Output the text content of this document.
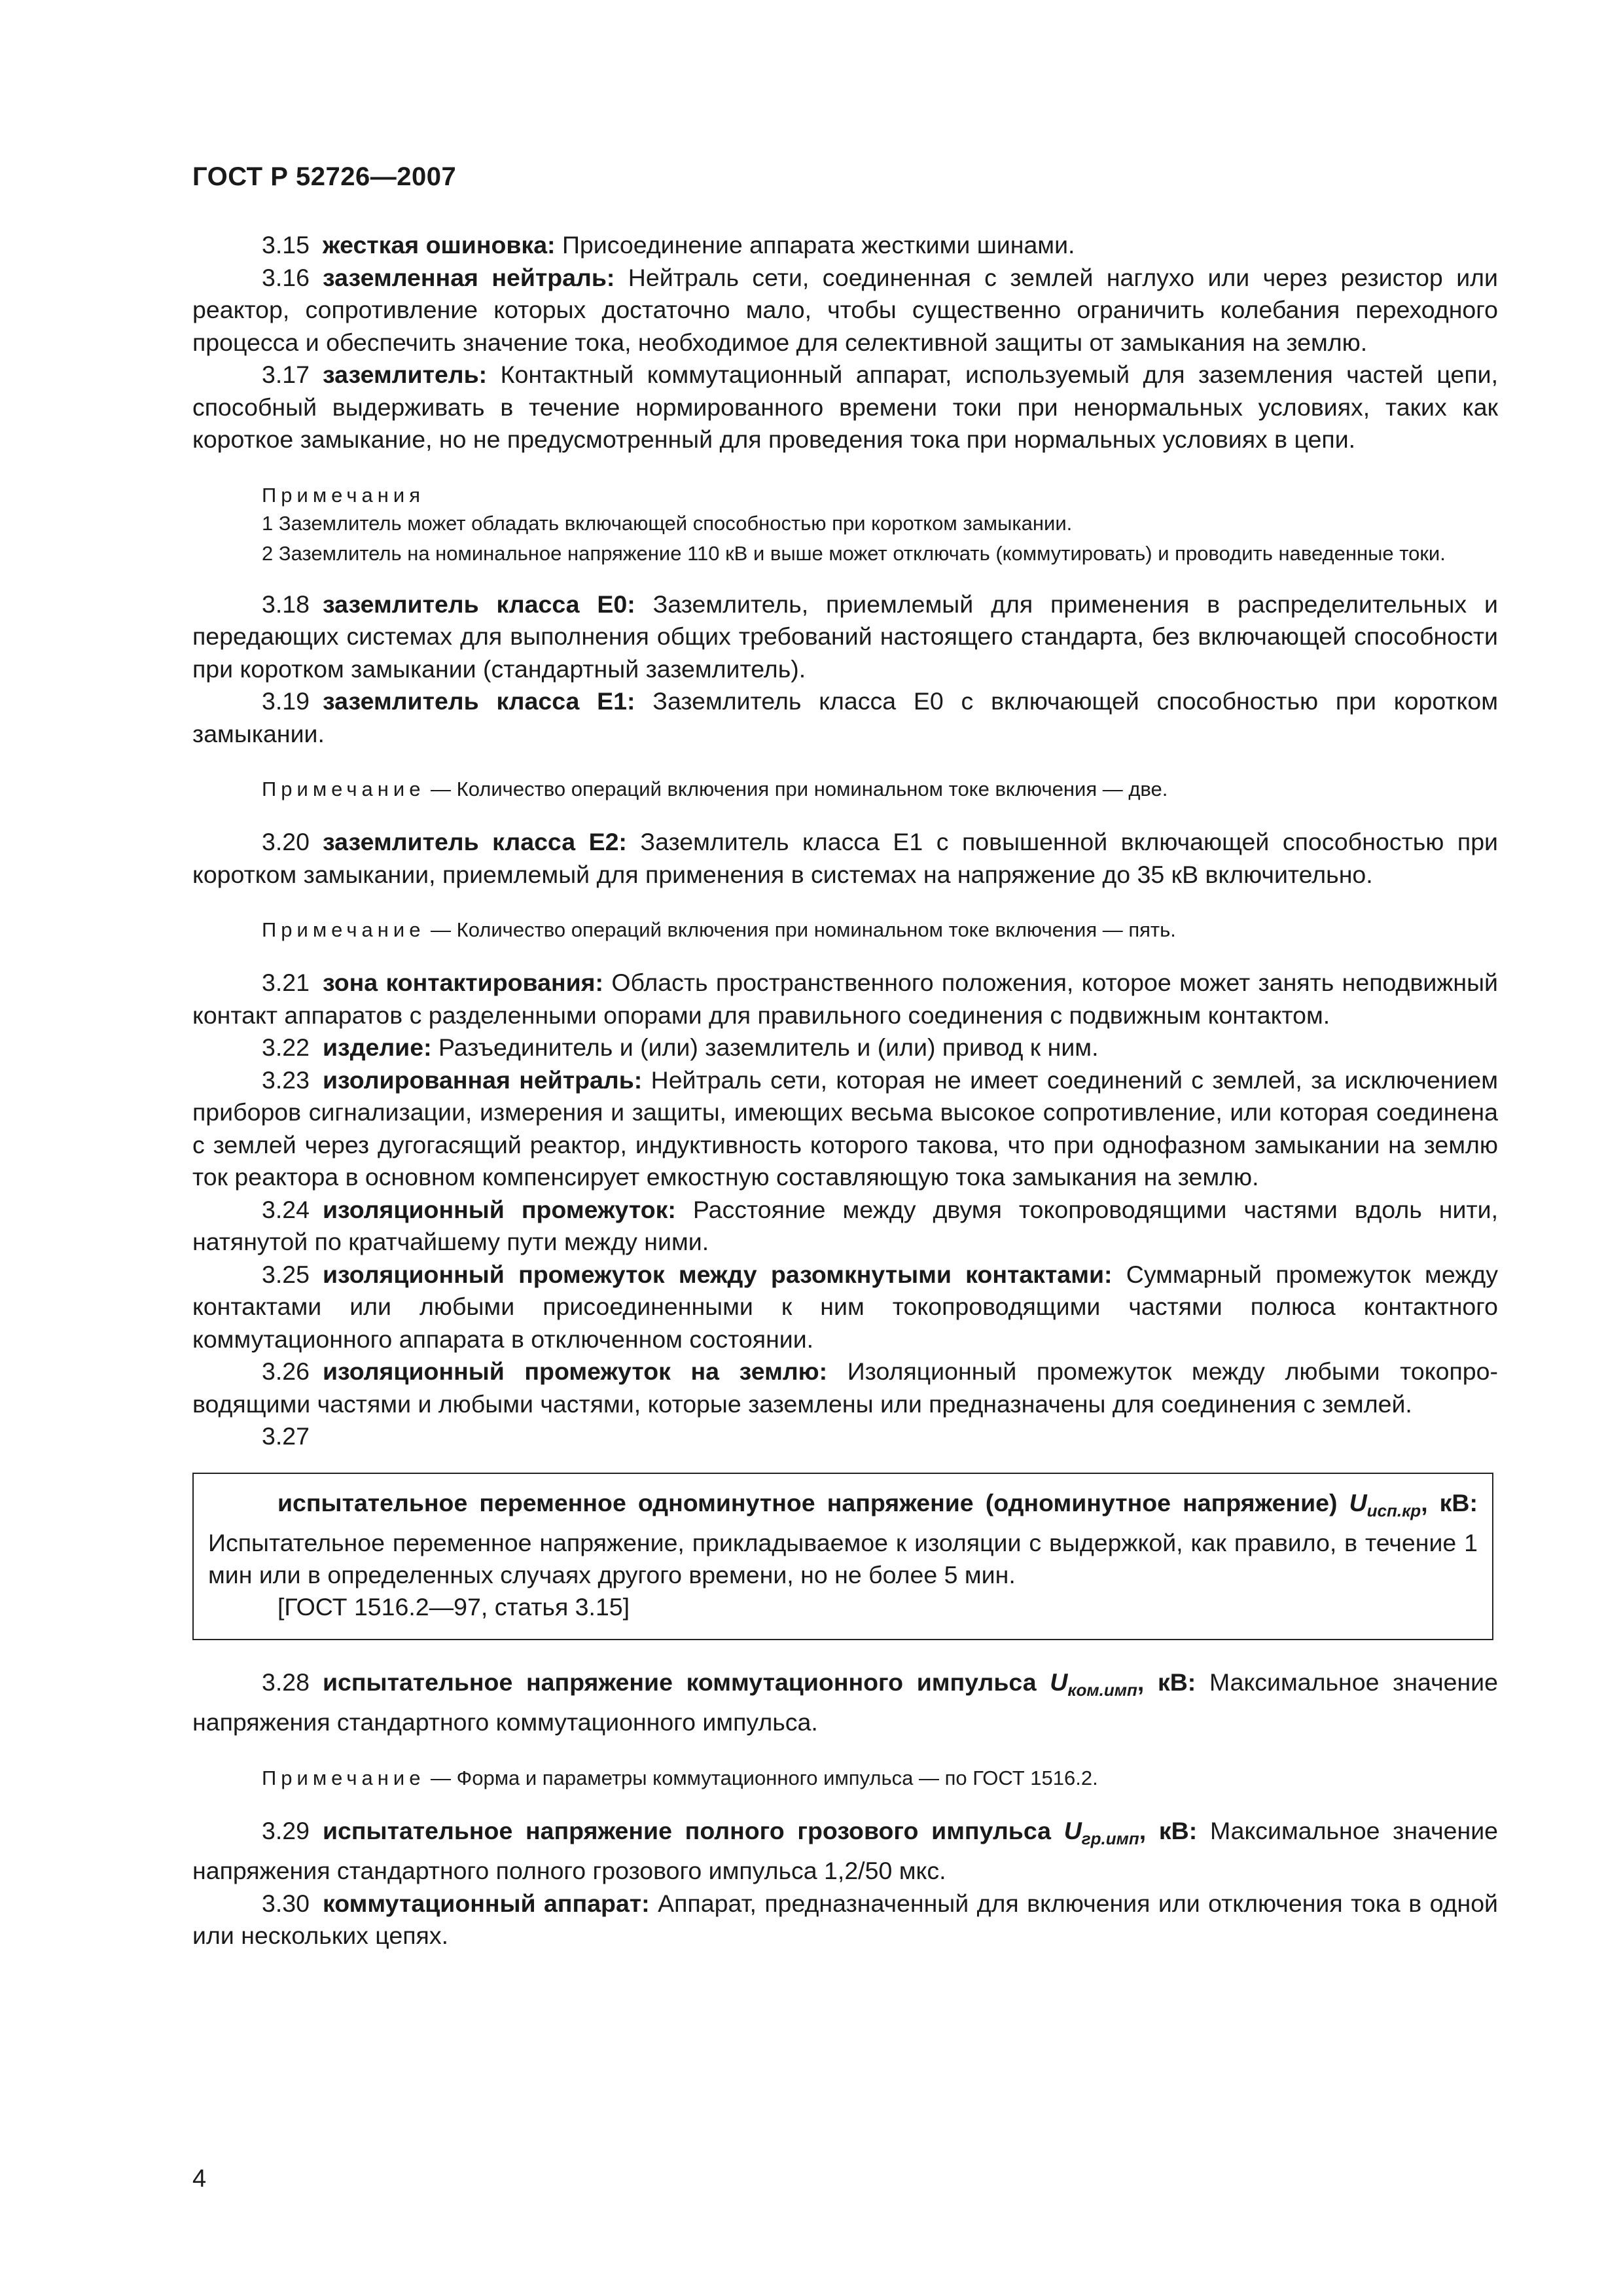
ГОСТ Р 52726—2007

3.15 жесткая ошиновка: Присоединение аппарата жесткими шинами.

3.16 заземленная нейтраль: Нейтраль сети, соединенная с землей наглухо или через резистор или реактор, сопротивление которых достаточно мало, чтобы существенно ограничить колебания переходного процесса и обеспечить значение тока, необходимое для селективной защиты от замыкания на землю.

3.17 заземлитель: Контактный коммутационный аппарат, используемый для заземления частей цепи, способный выдерживать в течение нормированного времени токи при ненормальных условиях, таких как короткое замыкание, но не предусмотренный для проведения тока при нормальных условиях в цепи.

Примечания

1 Заземлитель может обладать включающей способностью при коротком замыкании.

2 Заземлитель на номинальное напряжение 110 кВ и выше может отключать (коммутировать) и проводить наведенные токи.

3.18 заземлитель класса Е0: Заземлитель, приемлемый для применения в распределительных и передающих системах для выполнения общих требований настоящего стандарта, без включающей способности при коротком замыкании (стандартный заземлитель).

3.19 заземлитель класса Е1: Заземлитель класса Е0 с включающей способностью при коротком замыкании.

Примечание — Количество операций включения при номинальном токе включения — две.

3.20 заземлитель класса Е2: Заземлитель класса Е1 с повышенной включающей способностью при коротком замыкании, приемлемый для применения в системах на напряжение до 35 кВ включительно.

Примечание — Количество операций включения при номинальном токе включения — пять.

3.21 зона контактирования: Область пространственного положения, которое может занять неподвижный контакт аппаратов с разделенными опорами для правильного соединения с подвижным контактом.

3.22 изделие: Разъединитель и (или) заземлитель и (или) привод к ним.

3.23 изолированная нейтраль: Нейтраль сети, которая не имеет соединений с землей, за исключением приборов сигнализации, измерения и защиты, имеющих весьма высокое сопротивление, или которая соединена с землей через дугогасящий реактор, индуктивность которого такова, что при однофазном замыкании на землю ток реактора в основном компенсирует емкостную составляющую тока замыкания на землю.

3.24 изоляционный промежуток: Расстояние между двумя токопроводящими частями вдоль нити, натянутой по кратчайшему пути между ними.

3.25 изоляционный промежуток между разомкнутыми контактами: Суммарный промежуток между контактами или любыми присоединенными к ним токопроводящими частями полюса контактного коммутационного аппарата в отключенном состоянии.

3.26 изоляционный промежуток на землю: Изоляционный промежуток между любыми токопроводящими частями и любыми частями, которые заземлены или предназначены для соединения с землей.

3.27

испытательное переменное одноминутное напряжение (одноминутное напряжение) $U_{исп.кр}$, кВ: Испытательное переменное напряжение, прикладываемое к изоляции с выдержкой, как правило, в течение 1 мин или в определенных случаях другого времени, но не более 5 мин.

[ГОСТ 1516.2—97, статья 3.15]

3.28 испытательное напряжение коммутационного импульса $U_{ком.имп}$, кВ: Максимальное значение напряжения стандартного коммутационного импульса.

Примечание — Форма и параметры коммутационного импульса — по ГОСТ 1516.2.

3.29 испытательное напряжение полного грозового импульса $U_{гр.имп}$, кВ: Максимальное значение напряжения стандартного полного грозового импульса 1,2/50 мкс.

3.30 коммутационный аппарат: Аппарат, предназначенный для включения или отключения тока в одной или нескольких цепях.

4
